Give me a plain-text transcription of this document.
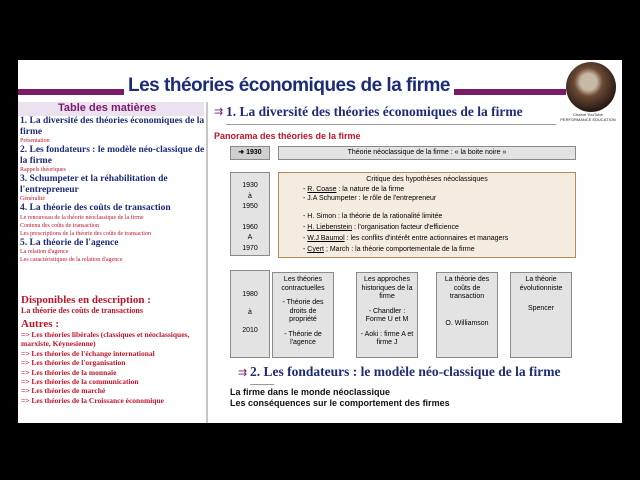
Les théories économiques de la firme
Chaîne YouTube
PERFORMANCE EDUCATION
Table des matières
1. La diversité des théories économiques de la firme
Présentation
2. Les fondateurs : le modèle néo-classique de la firme
Rappels théoriques
3. Schumpeter et la réhabilitation de l'entrepreneur
Généralité
4. La théorie des coûts de transaction
Le renouveau de la théorie néoclassique de la firme
Contenu des coûts de transaction
Les prescriptions de la théorie des coûts de transaction
5. La théorie de l'agence
La relation d'agence
Les caractéristiques de la relation d'agence
Disponibles en description :
La théorie des coûts de transactions
Autres :
=> Les théories libérales (classiques et néoclassiques, marxiste, Kéynesienne)
=> Les théories de l'échange international
=> Les théories de l'organisation
=> Les théories de la monnaie
=> Les théories de la communication
=> Les théories de marché
=> Les théories de la Croissance économique
⇉ 1. La diversité des théories économiques de la firme
Panorama des théories de la firme
➜ 1930	Théorie néoclassique de la firme : « la boite noire »
1930
à
1950
1960
A
1970
Critique des hypothèses néoclassiques
- R. Coase : la nature de la firme
- J.A Schumpeter : le rôle de l'entrepreneur
- H. Simon : la théorie de la rationalité limitée
- H. Liebenstein : l'organisation facteur d'efficience
- W.J Baumol : les conflits d'intérêt entre actionnaires et managers
- Cyert ; March : la théorie comportementale de la firme
1980
à
2010
Les théories contractuelles
- Théorie des droits de propriété
- Théorie de l'agence
Les approches historiques de la firme
- Chandler : Forme U et M
- Aoki : firme A et firme J
La théorie des coûts de transaction
O. Williamson
La théorie évolutionniste
Spencer
⇉ 2. Les fondateurs : le modèle néo-classique de la firme
La firme dans le monde néoclassique
Les conséquences sur le comportement des firmes
